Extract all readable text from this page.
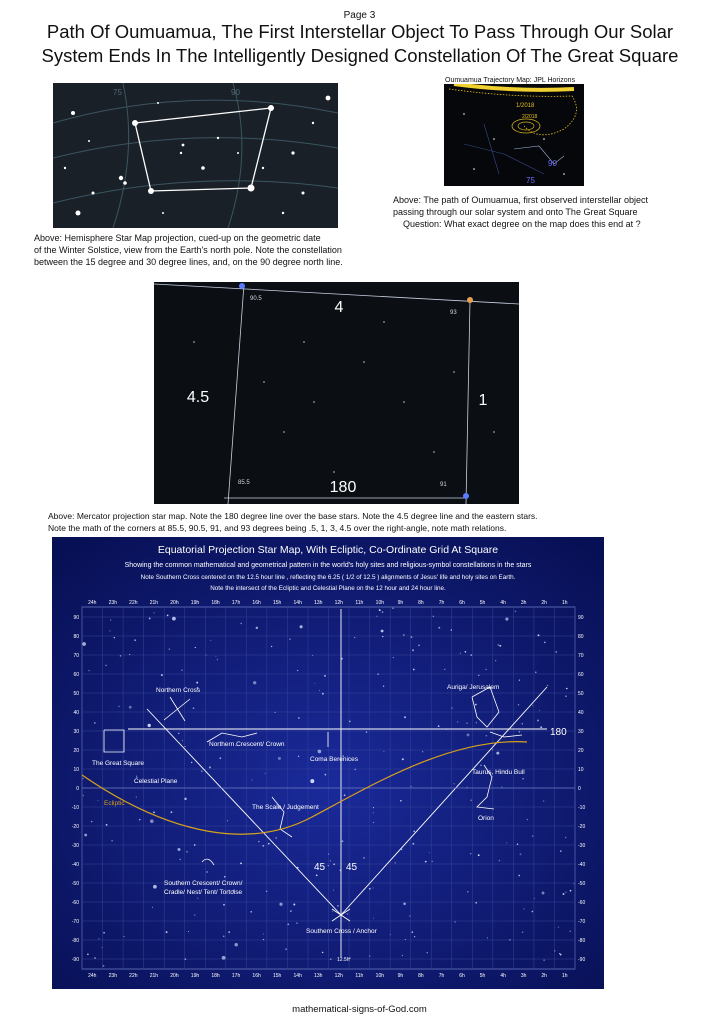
Page 3
Path Of Oumuamua, The First Interstellar Object To Pass Through Our Solar
System Ends In The Intelligently Designed Constellation Of The Great Square
75	90
Above: Hemisphere Star Map projection, cued-up on the geometric date
of the Winter Solstice, view from the Earth's north pole. Note the constellation
between the 15 degree and 30 degree lines, and, on the 90 degree north line.
Oumuamua Trajectory Map: JPL Horizons
1/2018
2/2018
90
75
Above: The path of Oumuamua, first observed interstellar object
passing through our solar system and onto The Great Square
Question: What exact degree on the map does this end at ?
4
4.5	1
180
90.5
93
85.5	91
Above: Mercator projection star map. Note the 180 degree line over the base stars. Note the 4.5 degree line and the eastern stars.
Note the math of the corners at 85.5, 90.5, 91, and 93 degrees being .5, 1, 3, 4.5 over the right-angle, note math relations.
Equatorial Projection Star Map, With Ecliptic, Co-Ordinate Grid At Square
Showing the common mathematical and geometrical pattern in the world's holy sites and religious-symbol constellations in the stars
Note Southern Cross centered on the 12.5 hour line , reflecting the 6.25 ( 1/2 of 12.5 ) alignments of Jesus' life and holy sites on Earth.
Note the intersect of the Ecliptic and Celestial Plane on the 12 hour and 24 hour line.
24h 23h 22h 21h 20h 19h 18h 17h 16h 15h 14h 13h 12h 11h 10h	9h	8h	7h	6h	5h	4h	3h	2h	1h
24h 23h 22h 21h 20h 19h 18h 17h 16h 15h 14h 13h 12h 11h 10h	9h	8h	7h	6h	5h	4h	3h	2h	1h
90
80
70
60
50
40
30
20
10
0
-10
-20
-30
-40
-50
-60
-70
-80
-90
90
80
70
60
50
40
30
20
10
0
-10
-20
-30
-40
-50
-60
-70
-80
-90
Northern Cross	Auriga/ Jerusalem
Northern Crescent/ Crown
Coma Berenices
The Great Square
Celestial Plane
Taurus, Hindu Bull
The Scale / Judgement
Orion
Southern Crescent/ Crown/
Cradle/ Nest/ Tent/ Tortoise
Southern Cross / Anchor
12.5h
Ecliptic
180
45 45
mathematical-signs-of-God.com
